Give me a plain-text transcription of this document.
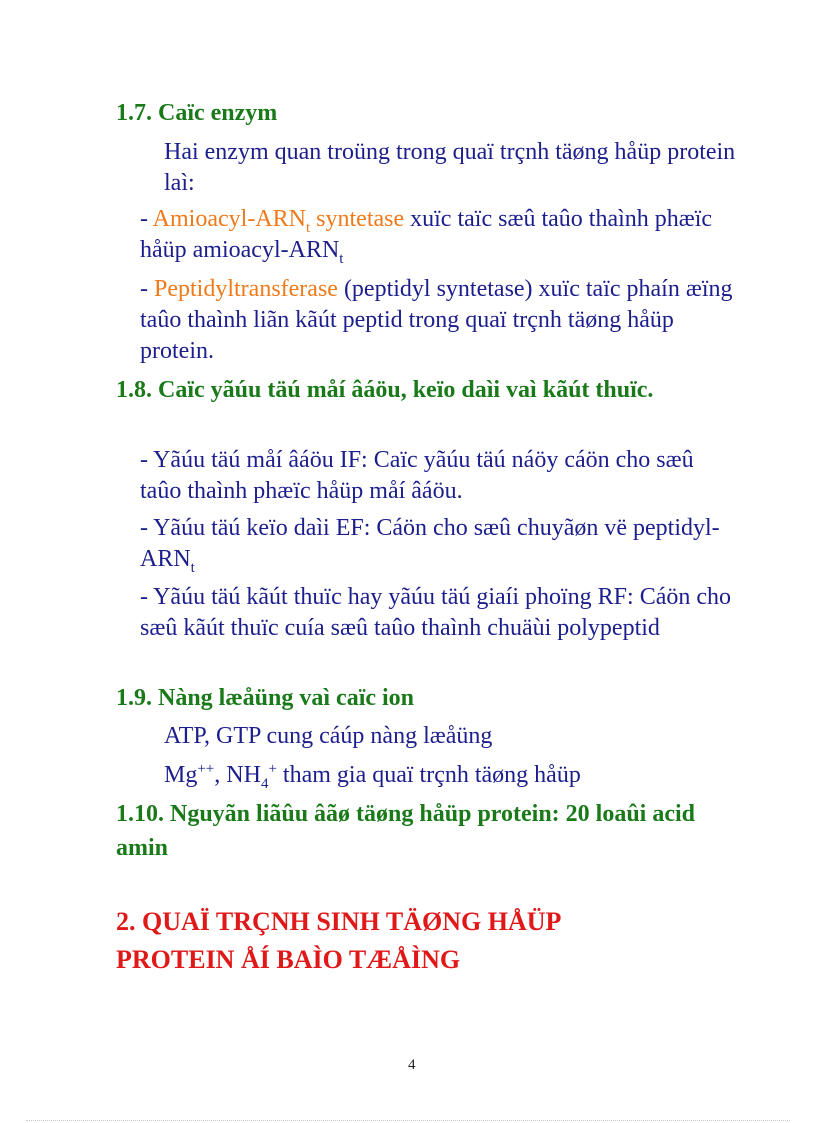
1.7. Caïc enzym

Hai enzym quan troüng trong quaï trçnh täøng håüp protein laì:

- Amioacyl-$ARN_t$ syntetase xuïc taïc sæû taûo thaình phæïc håüp amioacyl-$ARN_t$

- Peptidyltransferase (peptidyl syntetase) xuïc taïc phaín æïng taûo thaình liãn kãút peptid trong quaï trçnh täøng håüp protein.

1.8. Caïc yãúu täú måí âáöu, keïo daìi vaì kãút thuïc.

- Yãúu täú måí âáöu IF: Caïc yãúu täú náöy cáön cho sæû taûo thaình phæïc håüp måí âáöu.

- Yãúu täú keïo daìi EF: Cáön cho sæû chuyãøn vë peptidyl-$ARN_t$

- Yãúu täú kãút thuïc hay yãúu täú giaíi phoïng RF: Cáön cho sæû kãút thuïc cuía sæû taûo thaình chuäùi polypeptid

1.9. Nàng læåüng vaì caïc ion

ATP, GTP cung cáúp nàng læåüng

Mg++, $NH_4^+$ tham gia quaï trçnh täøng håüp

1.10. Nguyãn liãûu âãø täøng håüp protein: 20 loaûi acid amin
2. QUAÏ TRÇNH SINH TÄØNG HÅÜP PROTEIN ÅÍ BAÌO TÆÅÌNG
4
